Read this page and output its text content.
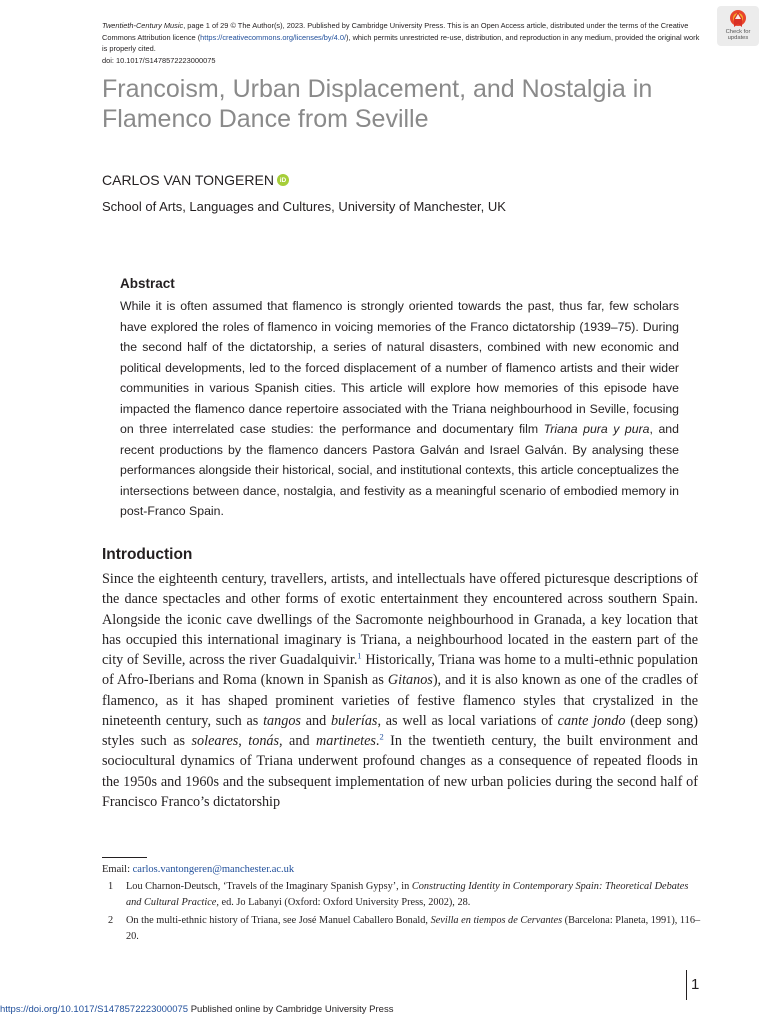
Twentieth-Century Music, page 1 of 29 © The Author(s), 2023. Published by Cambridge University Press. This is an Open Access article, distributed under the terms of the Creative
Commons Attribution licence (https://creativecommons.org/licenses/by/4.0/), which permits unrestricted re-use, distribution, and reproduction in any medium, provided the original work
is properly cited.
doi: 10.1017/S1478572223000075
Check for
updates
Francoism, Urban Displacement, and Nostalgia in Flamenco Dance from Seville
CARLOS VAN TONGEREN iD
School of Arts, Languages and Cultures, University of Manchester, UK
Abstract
While it is often assumed that flamenco is strongly oriented towards the past, thus far, few scholars have explored the roles of flamenco in voicing memories of the Franco dictatorship (1939–75). During the second half of the dictatorship, a series of natural disasters, combined with new economic and political developments, led to the forced displacement of a number of flamenco artists and their wider communities in various Spanish cities. This article will explore how memories of this episode have impacted the flamenco dance repertoire associated with the Triana neighbourhood in Seville, focusing on three interrelated case studies: the performance and documentary film Triana pura y pura, and recent productions by the flamenco dancers Pastora Galván and Israel Galván. By analysing these performances alongside their historical, social, and institutional contexts, this article conceptualizes the intersections between dance, nostalgia, and festivity as a meaningful scenario of embodied memory in post-Franco Spain.
Introduction
Since the eighteenth century, travellers, artists, and intellectuals have offered picturesque descriptions of the dance spectacles and other forms of exotic entertainment they encountered across southern Spain. Alongside the iconic cave dwellings of the Sacromonte neighbourhood in Granada, a key location that has occupied this international imaginary is Triana, a neighbourhood located in the eastern part of the city of Seville, across the river Guadalquivir.$^1$ Historically, Triana was home to a multi-ethnic population of Afro-Iberians and Roma (known in Spanish as Gitanos), and it is also known as one of the cradles of flamenco, as it has shaped prominent varieties of festive flamenco styles that crystalized in the nineteenth century, such as tangos and bulerías, as well as local variations of cante jondo (deep song) styles such as soleares, tonás, and martinetes.$^2$ In the twentieth century, the built environment and sociocultural dynamics of Triana underwent profound changes as a consequence of repeated floods in the 1950s and 1960s and the subsequent implementation of new urban policies during the second half of Francisco Franco’s dictatorship
Email: carlos.vantongeren@manchester.ac.uk
1	Lou Charnon-Deutsch, ‘Travels of the Imaginary Spanish Gypsy’, in Constructing Identity in Contemporary Spain: Theoretical Debates and Cultural Practice, ed. Jo Labanyi (Oxford: Oxford University Press, 2002), 28.
2	On the multi-ethnic history of Triana, see José Manuel Caballero Bonald, Sevilla en tiempos de Cervantes (Barcelona: Planeta, 1991), 116–20.
1
https://doi.org/10.1017/S1478572223000075 Published online by Cambridge University Press
